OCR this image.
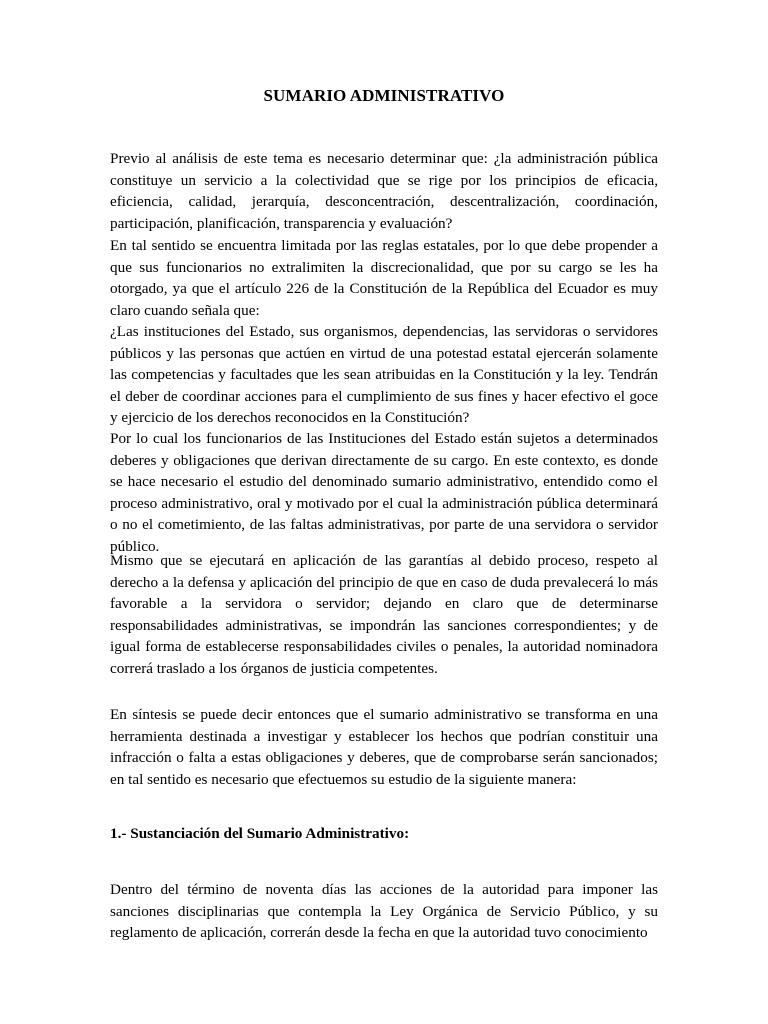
SUMARIO ADMINISTRATIVO

Previo al análisis de este tema es necesario determinar que: ¿la administración pública constituye un servicio a la colectividad que se rige por los principios de eficacia, eficiencia, calidad, jerarquía, desconcentración, descentralización, coordinación, participación, planificación, transparencia y evaluación?

En tal sentido se encuentra limitada por las reglas estatales, por lo que debe propender a que sus funcionarios no extralimiten la discrecionalidad, que por su cargo se les ha otorgado, ya que el artículo 226 de la Constitución de la República del Ecuador es muy claro cuando señala que:

¿Las instituciones del Estado, sus organismos, dependencias, las servidoras o servidores públicos y las personas que actúen en virtud de una potestad estatal ejercerán solamente las competencias y facultades que les sean atribuidas en la Constitución y la ley. Tendrán el deber de coordinar acciones para el cumplimiento de sus fines y hacer efectivo el goce y ejercicio de los derechos reconocidos en la Constitución?

Por lo cual los funcionarios de las Instituciones del Estado están sujetos a determinados deberes y obligaciones que derivan directamente de su cargo. En este contexto, es donde se hace necesario el estudio del denominado sumario administrativo, entendido como el proceso administrativo, oral y motivado por el cual la administración pública determinará o no el cometimiento, de las faltas administrativas, por parte de una servidora o servidor público.

Mismo que se ejecutará en aplicación de las garantías al debido proceso, respeto al derecho a la defensa y aplicación del principio de que en caso de duda prevalecerá lo más favorable a la servidora o servidor; dejando en claro que de determinarse responsabilidades administrativas, se impondrán las sanciones correspondientes; y de igual forma de establecerse responsabilidades civiles o penales, la autoridad nominadora correrá traslado a los órganos de justicia competentes.

En síntesis se puede decir entonces que el sumario administrativo se transforma en una herramienta destinada a investigar y establecer los hechos que podrían constituir una infracción o falta a estas obligaciones y deberes, que de comprobarse serán sancionados; en tal sentido es necesario que efectuemos su estudio de la siguiente manera:

1.- Sustanciación del Sumario Administrativo:

Dentro del término de noventa días las acciones de la autoridad para imponer las sanciones disciplinarias que contempla la Ley Orgánica de Servicio Público, y su reglamento de aplicación, correrán desde la fecha en que la autoridad tuvo conocimiento
